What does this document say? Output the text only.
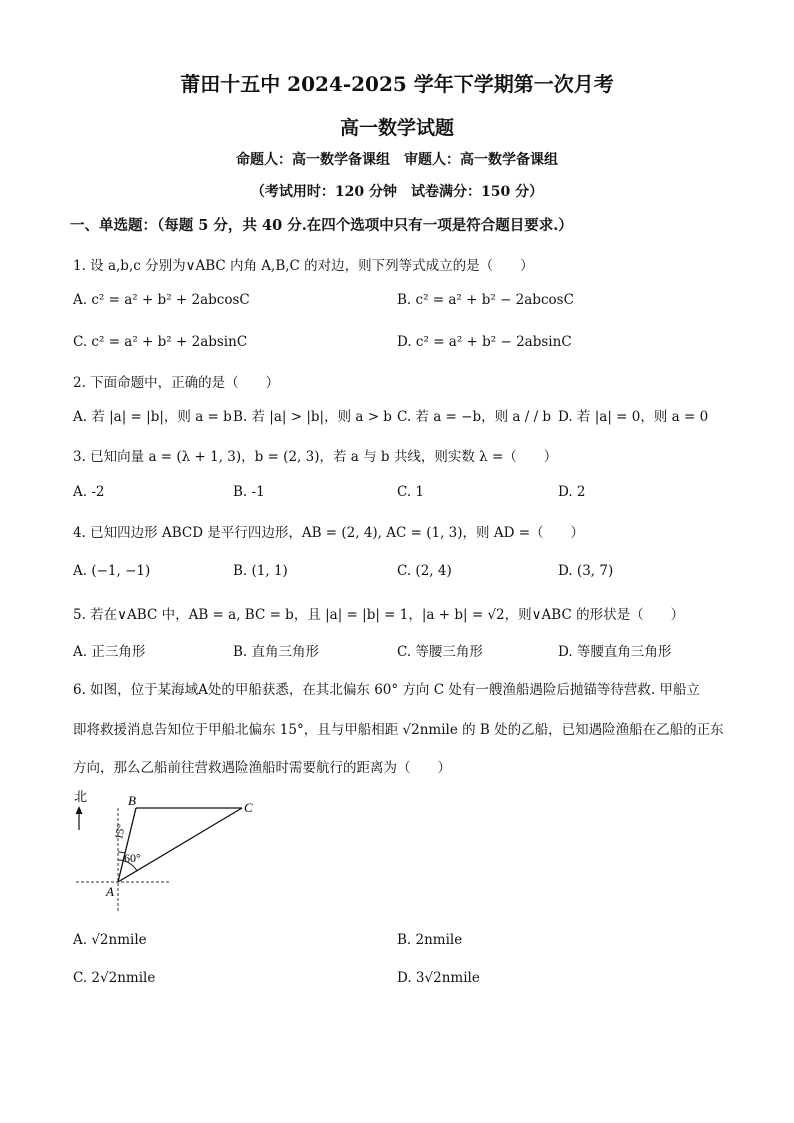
莆田十五中 2024-2025 学年下学期第一次月考
高一数学试题
命题人：高一数学备课组　审题人：高一数学备课组
（考试用时：120 分钟　试卷满分：150 分）
一、单选题：（每题 5 分，共 40 分.在四个选项中只有一项是符合题目要求.）
1. 设 a,b,c 分别为∨ABC 内角 A,B,C 的对边，则下列等式成立的是（　　）
A. c² = a² + b² + 2abcosC	B. c² = a² + b² − 2abcosC
C. c² = a² + b² + 2absinC	D. c² = a² + b² − 2absinC
2. 下面命题中，正确的是（　　）
A. 若 |a| = |b|，则 a = b B. 若 |a| > |b|，则 a > b C. 若 a = −b，则 a / / b D. 若 |a| = 0，则 a = 0
3. 已知向量 a = (λ + 1, 3)，b = (2, 3)，若 a 与 b 共线，则实数 λ =（　　）
A. -2	B. -1	C. 1	D. 2
4. 已知四边形 ABCD 是平行四边形，AB = (2, 4), AC = (1, 3)，则 AD =（　　）
A. (−1, −1)	B. (1, 1)	C. (2, 4)	D. (3, 7)
5. 若在∨ABC 中，AB = a, BC = b，且 |a| = |b| = 1，|a + b| = √2，则∨ABC 的形状是（　　）
A. 正三角形	B. 直角三角形	C. 等腰三角形	D. 等腰直角三角形
6. 如图，位于某海域A处的甲船获悉，在其北偏东 60° 方向 C 处有一艘渔船遇险后抛锚等待营救. 甲船立
即将救援消息告知位于甲船北偏东 15°，且与甲船相距 √2nmile 的 B 处的乙船，已知遇险渔船在乙船的正东
方向，那么乙船前往营救遇险渔船时需要航行的距离为（　　）
北
15°
60°
A
B	C
A. √2nmile	B. 2nmile
C. 2√2nmile	D. 3√2nmile
